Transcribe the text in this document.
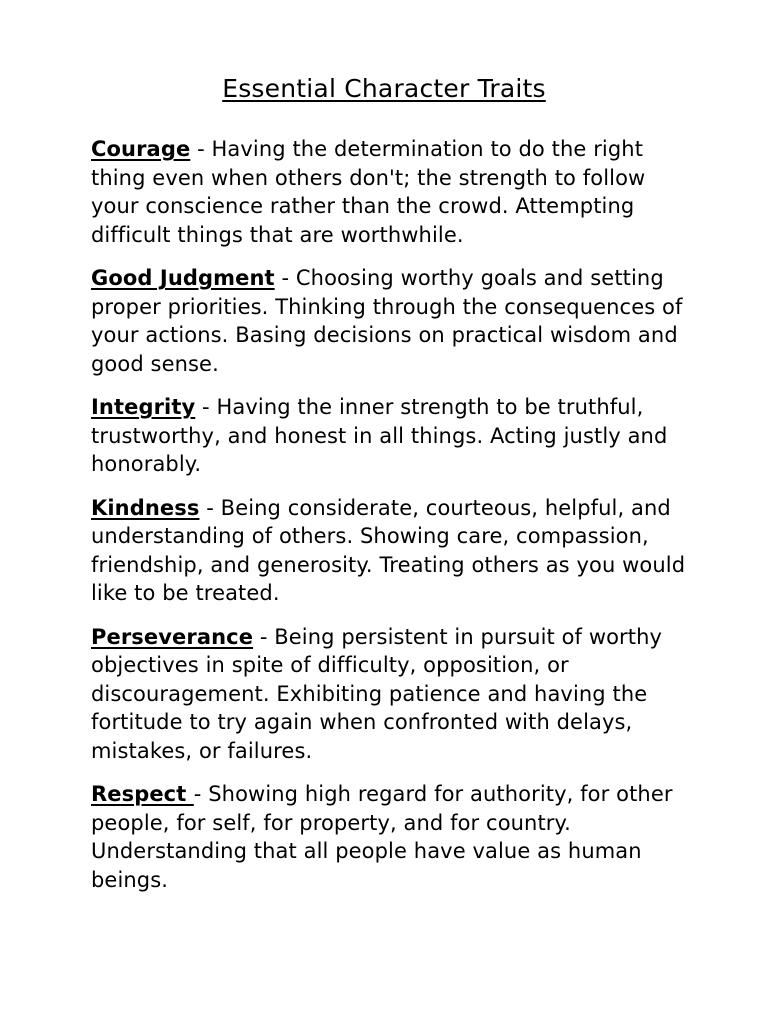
Essential Character Traits

Courage - Having the determination to do the right thing even when others don't; the strength to follow your conscience rather than the crowd. Attempting difficult things that are worthwhile.

Good Judgment - Choosing worthy goals and setting proper priorities. Thinking through the consequences of your actions. Basing decisions on practical wisdom and good sense.

Integrity - Having the inner strength to be truthful, trustworthy, and honest in all things. Acting justly and honorably.

Kindness - Being considerate, courteous, helpful, and understanding of others. Showing care, compassion, friendship, and generosity. Treating others as you would like to be treated.

Perseverance - Being persistent in pursuit of worthy objectives in spite of difficulty, opposition, or discouragement. Exhibiting patience and having the fortitude to try again when confronted with delays, mistakes, or failures.

Respect - Showing high regard for authority, for other people, for self, for property, and for country. Understanding that all people have value as human beings.
